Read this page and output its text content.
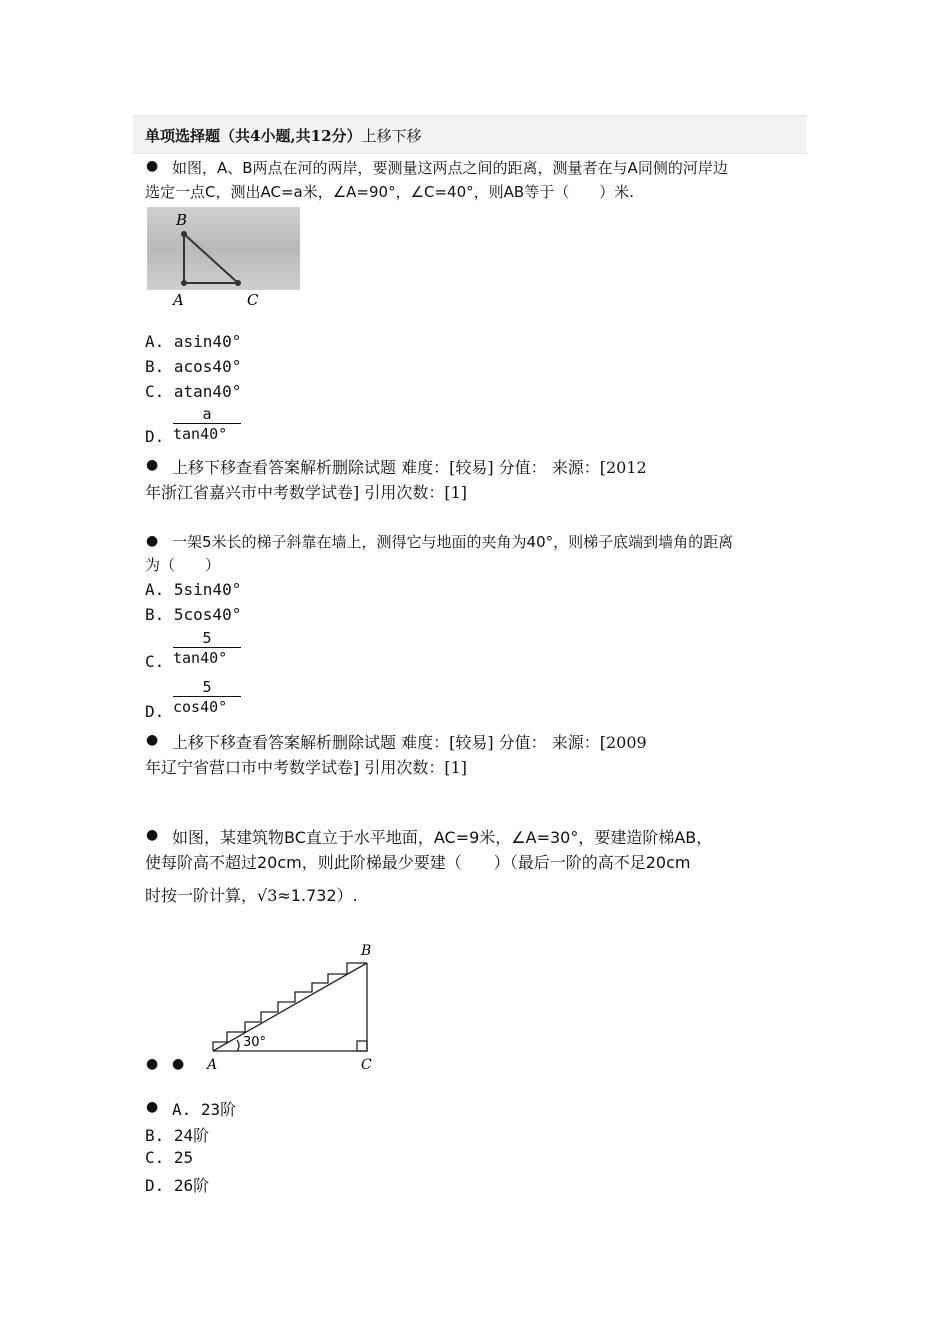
单项选择题（共4小题,共12分）上移下移
● 如图，A、B两点在河的两岸，要测量这两点之间的距离，测量者在与A同侧的河岸边
选定一点C，测出AC=a米，∠A=90°，∠C=40°，则AB等于（　　）米.
B
A	C
A. asin40°
B. acos40°
C. atan40°
D. $\frac{a}{\tan 40^\circ}$
● 上移下移查看答案解析删除试题 难度：[较易] 分值： 来源：[2012
年浙江省嘉兴市中考数学试卷] 引用次数：[1]
● 一架5米长的梯子斜靠在墙上，测得它与地面的夹角为40°，则梯子底端到墙角的距离
为（　　）
A. 5sin40°
B. 5cos40°
C. $\frac{5}{\tan 40^\circ}$
D. $\frac{5}{\cos 40^\circ}$
● 上移下移查看答案解析删除试题 难度：[较易] 分值： 来源：[2009
年辽宁省营口市中考数学试卷] 引用次数：[1]
● 如图，某建筑物BC直立于水平地面，AC=9米，∠A=30°，要建造阶梯AB，
使每阶高不超过20cm，则此阶梯最少要建（　　）（最后一阶的高不足20cm
时按一阶计算，√3≈1.732）.
30°
B
A	C
● ●
● A. 23阶
B. 24阶
C. 25
D. 26阶
